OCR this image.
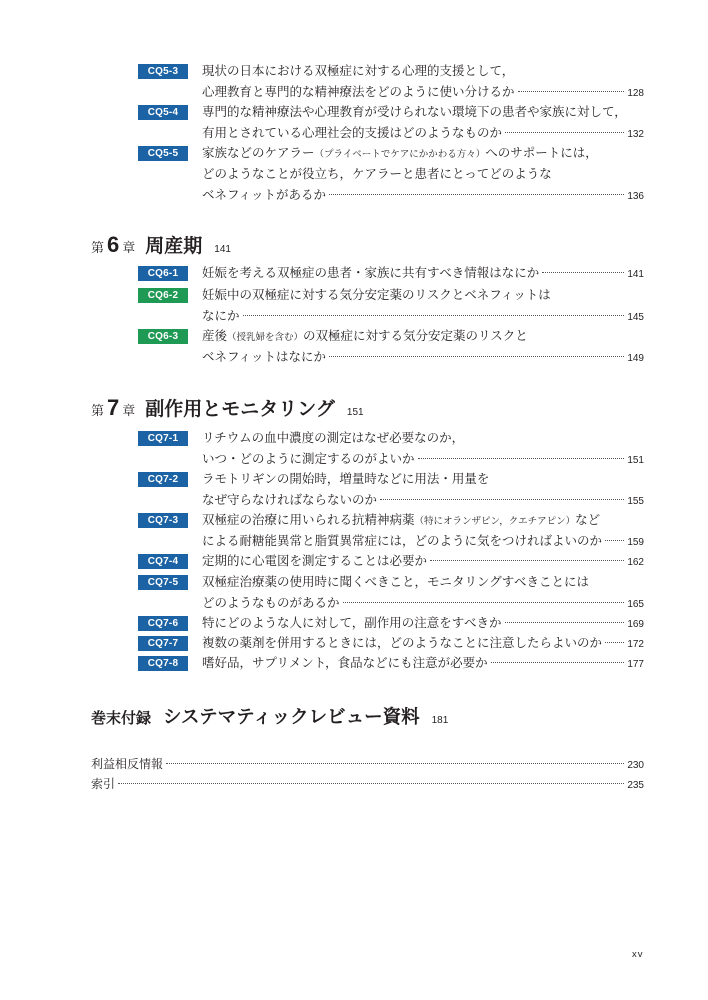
CQ5-3	現状の日本における双極症に対する心理的支援として，
心理教育と専門的な精神療法をどのように使い分けるか	128
CQ5-4	専門的な精神療法や心理教育が受けられない環境下の患者や家族に対して，
有用とされている心理社会的支援はどのようなものか	132
CQ5-5	家族などのケアラー （プライベートでケアにかかわる方々） へのサポートには，
どのようなことが役立ち，ケアラーと患者にとってどのような
ベネフィットがあるか	136
第 6 章 周産期 141
CQ6-1	妊娠を考える双極症の患者・家族に共有すべき情報はなにか	141
CQ6-2	妊娠中の双極症に対する気分安定薬のリスクとベネフィットは
なにか	145
CQ6-3	産後 （授乳婦を含む） の双極症に対する気分安定薬のリスクと
ベネフィットはなにか	149
第 7 章 副作用とモニタリング 151
CQ7-1	リチウムの血中濃度の測定はなぜ必要なのか，
いつ・どのように測定するのがよいか	151
CQ7-2	ラモトリギンの開始時，増量時などに用法・用量を
なぜ守らなければならないのか	155
CQ7-3	双極症の治療に用いられる抗精神病薬 （特にオランザピン，クエチアピン） など
による耐糖能異常と脂質異常症には，どのように気をつければよいのか	159
CQ7-4	定期的に心電図を測定することは必要か	162
CQ7-5	双極症治療薬の使用時に聞くべきこと，モニタリングすべきことには
どのようなものがあるか	165
CQ7-6	特にどのような人に対して，副作用の注意をすべきか	169
CQ7-7	複数の薬剤を併用するときには，どのようなことに注意したらよいのか	172
CQ7-8	嗜好品，サプリメント，食品などにも注意が必要か	177
巻末付録 システマティックレビュー資料 181
利益相反情報	230
索引	235
xv
